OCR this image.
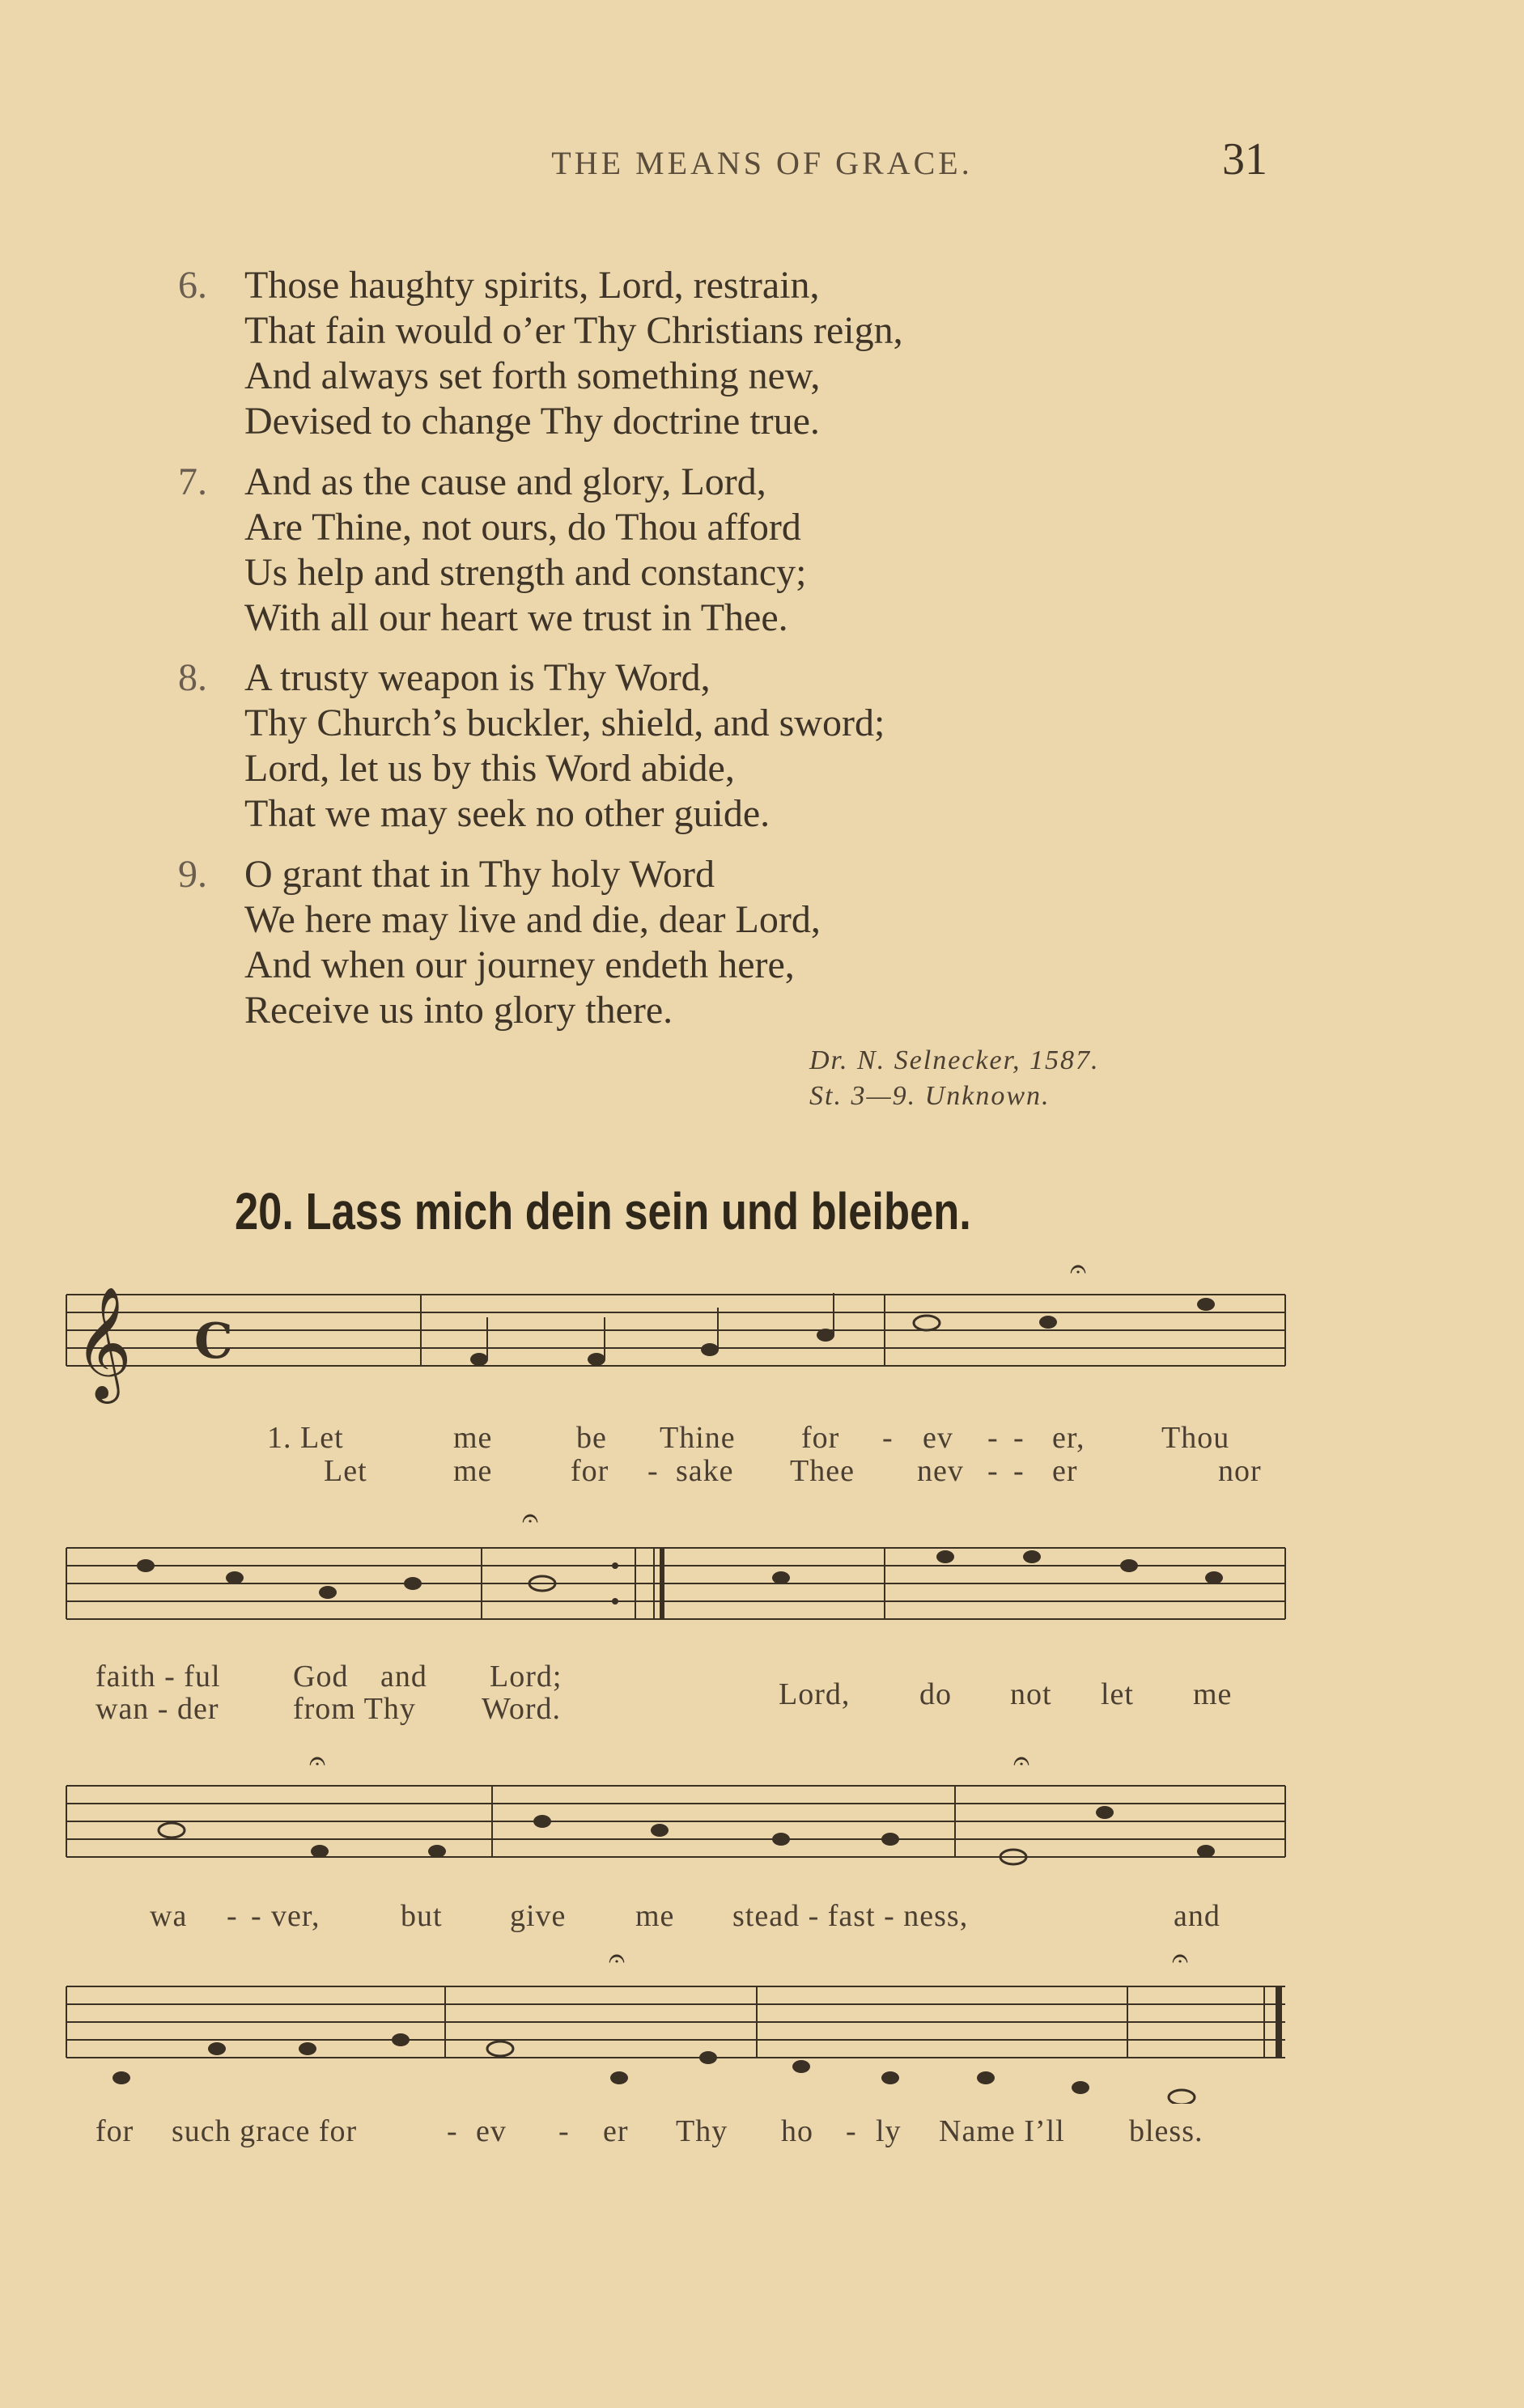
THE MEANS OF GRACE.	31
6. Those haughty spirits, Lord, restrain,
That fain would o’er Thy Christians reign,
And always set forth something new,
Devised to change Thy doctrine true.
7. And as the cause and glory, Lord,
Are Thine, not ours, do Thou afford
Us help and strength and constancy;
With all our heart we trust in Thee.
8. A trusty weapon is Thy Word,
Thy Church’s buckler, shield, and sword;
Lord, let us by this Word abide,
That we may seek no other guide.
9. O grant that in Thy holy Word
We here may live and die, dear Lord,
And when our journey endeth here,
Receive us into glory there.
Dr. N. Selnecker, 1587.
St. 3—9. Unknown.
20. Lass mich dein sein und bleiben.
𝄞 C
𝄐
1. Let	me	be Thine for - ev - - er, Thou
Let	me	for - sake Thee nev - - er	nor
𝄐
faith - ful God and Lord;
wan - der from Thy Word.	Lord, do not let me
𝄐	𝄐
wa - - ver,	but give me stead - fast - ness,	and
𝄐	𝄐
for such grace for	- ev - er Thy ho - ly Name I’ll bless.
